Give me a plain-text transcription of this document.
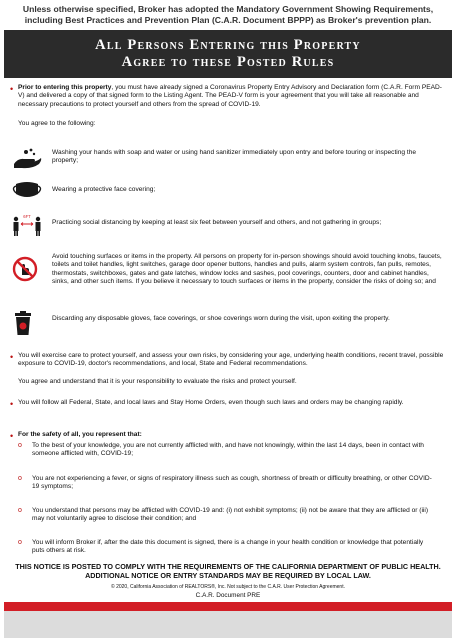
Unless otherwise specified, Broker has adopted the Mandatory Government Showing Requirements, including Best Practices and Prevention Plan (C.A.R. Document BPPP) as Broker's prevention plan.
All Persons Entering this Property
Agree to these Posted Rules
• Prior to entering this property, you must have already signed a Coronavirus Property Entry Advisory and Declaration form (C.A.R. Form PEAD-V) and delivered a copy of that signed form to the Listing Agent. The PEAD-V form is your agreement that you will take all reasonable and necessary precautions to protect yourself and others from the spread of COVID-19.
You agree to the following:
Washing your hands with soap and water or using hand sanitizer immediately upon entry and before touring or inspecting the property;
Wearing a protective face covering;
6FT
Practicing social distancing by keeping at least six feet between yourself and others, and not gathering in groups;
Avoid touching surfaces or items in the property. All persons on property for in-person showings should avoid touching knobs, faucets, toilets and toilet handles, light switches, garage door opener buttons, handles and pulls, alarm system controls, fan pulls, remotes, thermostats, switchboxes, gates and gate latches, window locks and sashes, pool coverings, counters, door and cabinet handles, sinks, and other such items. If you believe it necessary to touch surfaces or items in the property, consider the risks of doing so; and
Discarding any disposable gloves, face coverings, or shoe coverings worn during the visit, upon exiting the property.
• You will exercise care to protect yourself, and assess your own risks, by considering your age, underlying health conditions, recent travel, possible exposure to COVID-19, doctor's recommendations, and local, State and Federal recommendations.
You agree and understand that it is your responsibility to evaluate the risks and protect yourself.
• You will follow all Federal, State, and local laws and Stay Home Orders, even though such laws and orders may be changing rapidly.
• For the safety of all, you represent that:
o To the best of your knowledge, you are not currently afflicted with, and have not knowingly, within the last 14 days, been in contact with someone afflicted with, COVID-19;
o You are not experiencing a fever, or signs of respiratory illness such as cough, shortness of breath or difficulty breathing, or other COVID-19 symptoms;
o You understand that persons may be afflicted with COVID-19 and: (i) not exhibit symptoms; (ii) not be aware that they are afflicted or (iii) may not voluntarily agree to disclose their condition; and
o You will inform Broker if, after the date this document is signed, there is a change in your health condition or knowledge that potentially puts others at risk.
THIS NOTICE IS POSTED TO COMPLY WITH THE REQUIREMENTS OF THE CALIFORNIA DEPARTMENT OF PUBLIC HEALTH. ADDITIONAL NOTICE OR ENTRY STANDARDS MAY BE REQUIRED BY LOCAL LAW.
© 2020, California Association of REALTORS®, Inc. Not subject to the C.A.R. User Protection Agreement.
C.A.R. Document PRE
